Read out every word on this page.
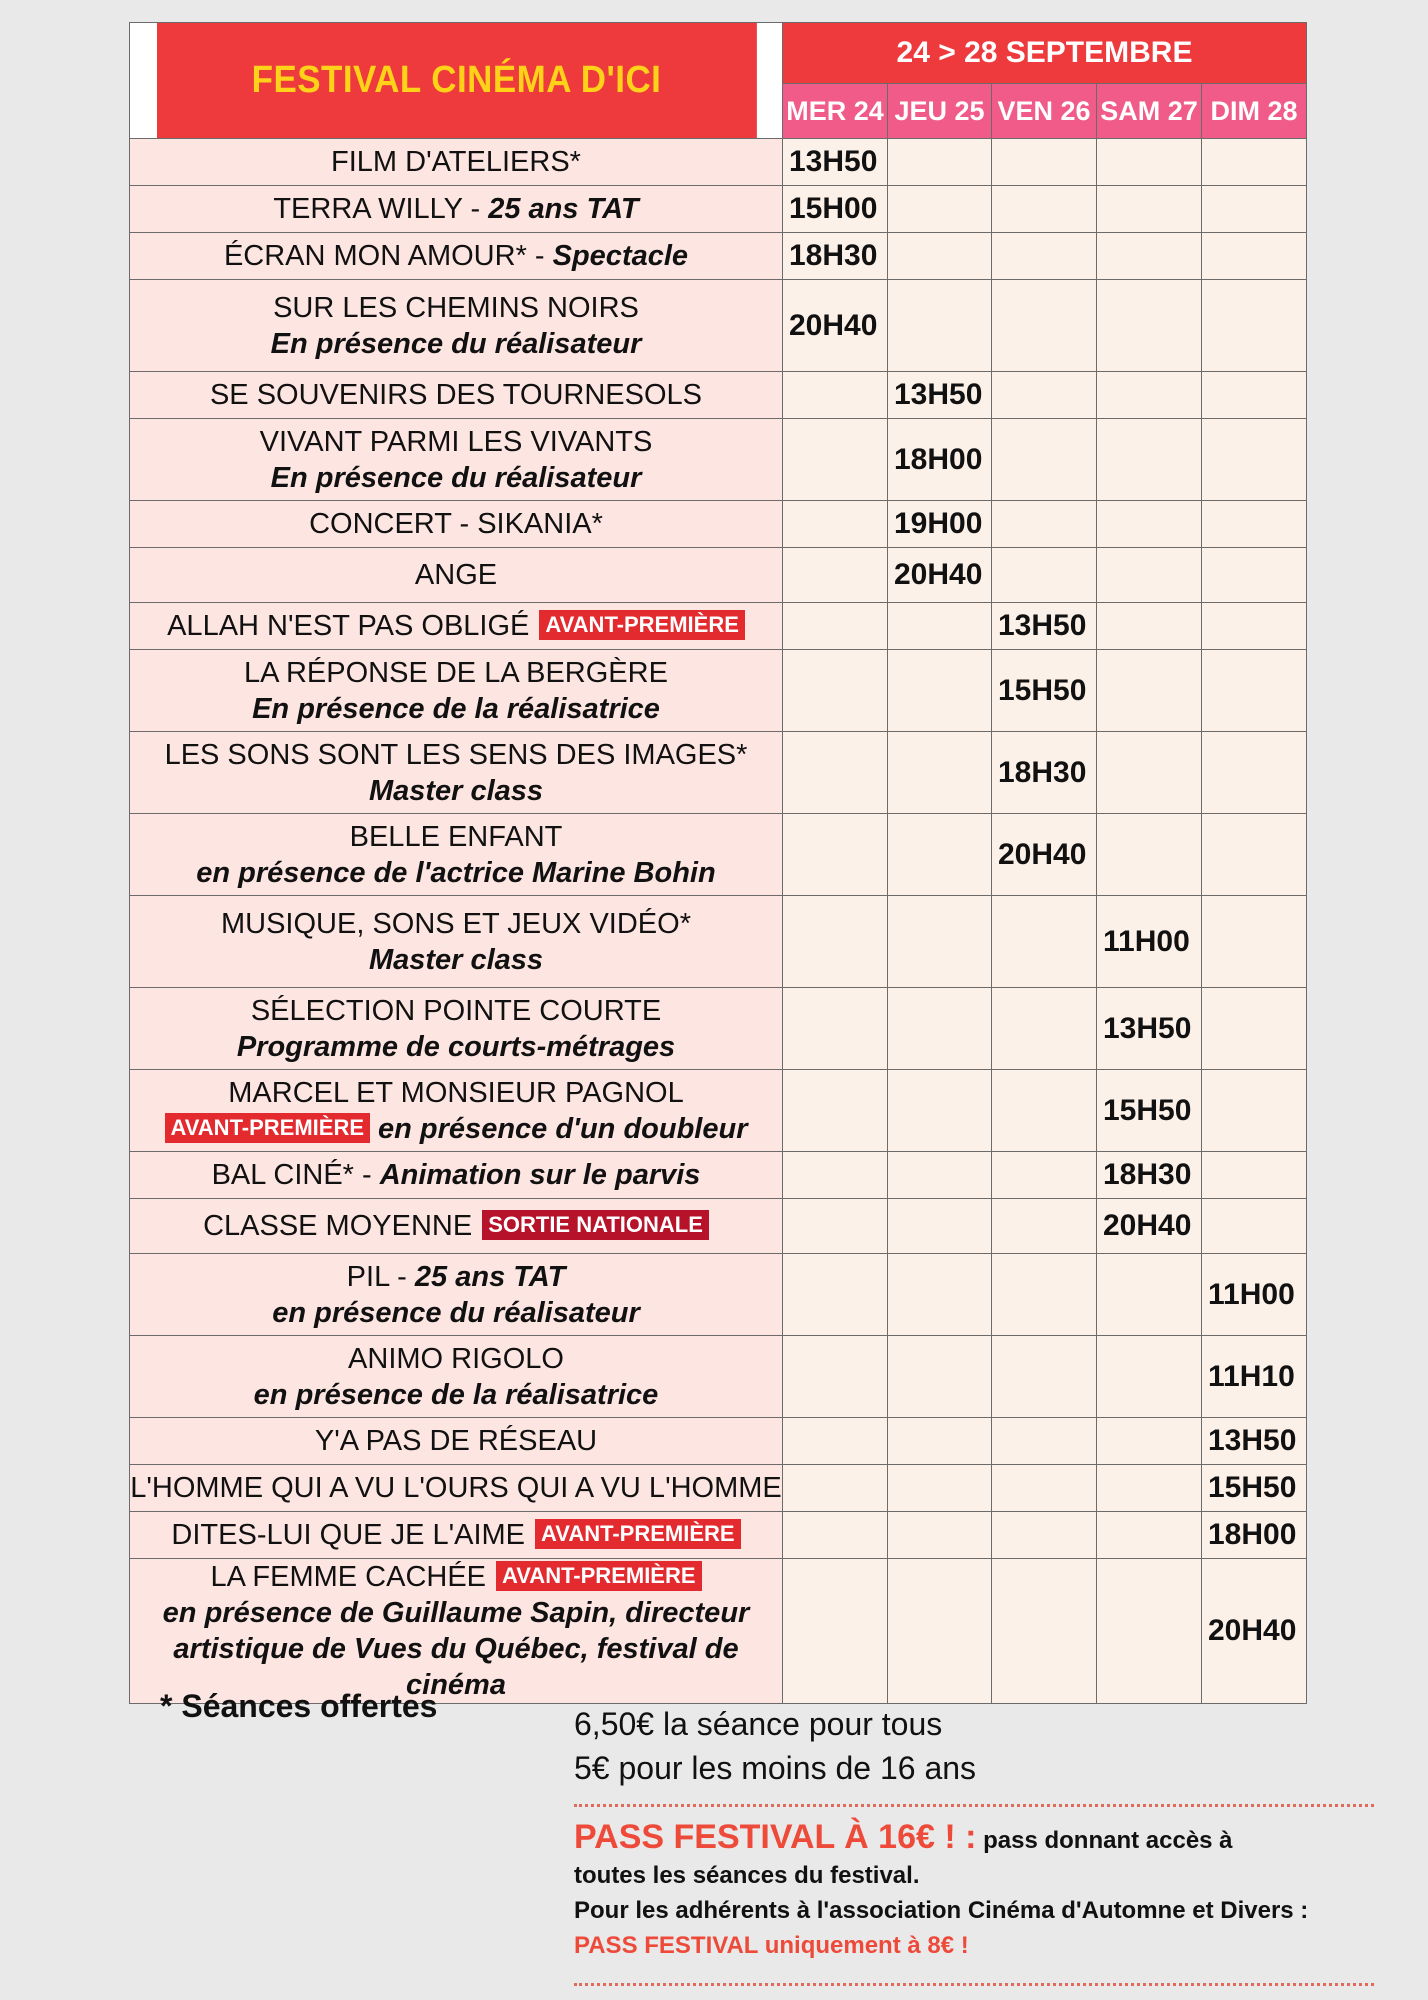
FESTIVAL CINÉMA D'ICI	24 > 28 SEPTEMBRE				
	MER 24	JEU 25	VEN 26	SAM 27	DIM 28

FILM D'ATELIERS*	13H50				

TERRA WILLY - 25 ans TAT	15H00				

ÉCRAN MON AMOUR* - Spectacle	18H30				

SUR LES CHEMINS NOIRS
En présence du réalisateur	20H40				

SE SOUVENIRS DES TOURNESOLS		13H50			

VIVANT PARMI LES VIVANTS
En présence du réalisateur		18H00			

CONCERT - SIKANIA*		19H00			

ANGE		20H40			

ALLAH N'EST PAS OBLIGÉ AVANT-PREMIÈRE			13H50		

LA RÉPONSE DE LA BERGÈRE
En présence de la réalisatrice			15H50		

LES SONS SONT LES SENS DES IMAGES*
Master class			18H30		

BELLE ENFANT
en présence de l'actrice Marine Bohin			20H40		

MUSIQUE, SONS ET JEUX VIDÉO*
Master class				11H00	

SÉLECTION POINTE COURTE
Programme de courts-métrages				13H50	

MARCEL ET MONSIEUR PAGNOL
AVANT-PREMIÈRE en présence d'un doubleur				15H50	

BAL CINÉ* - Animation sur le parvis				18H30	

CLASSE MOYENNE SORTIE NATIONALE				20H40	

PIL - 25 ans TAT
en présence du réalisateur					11H00

ANIMO RIGOLO
en présence de la réalisatrice					11H10

Y'A PAS DE RÉSEAU					13H50

L'HOMME QUI A VU L'OURS QUI A VU L'HOMME					15H50

DITES-LUI QUE JE L'AIME AVANT-PREMIÈRE					18H00

LA FEMME CACHÉE AVANT-PREMIÈRE
en présence de Guillaume Sapin, directeur artistique de Vues du Québec, festival de cinéma					20H40
* Séances offertes	6,50€ la séance pour tous
5€ pour les moins de 16 ans
PASS FESTIVAL À 16€ ! : pass donnant accès à
toutes les séances du festival.
Pour les adhérents à l'association Cinéma d'Automne et Divers :
PASS FESTIVAL uniquement à 8€ !
